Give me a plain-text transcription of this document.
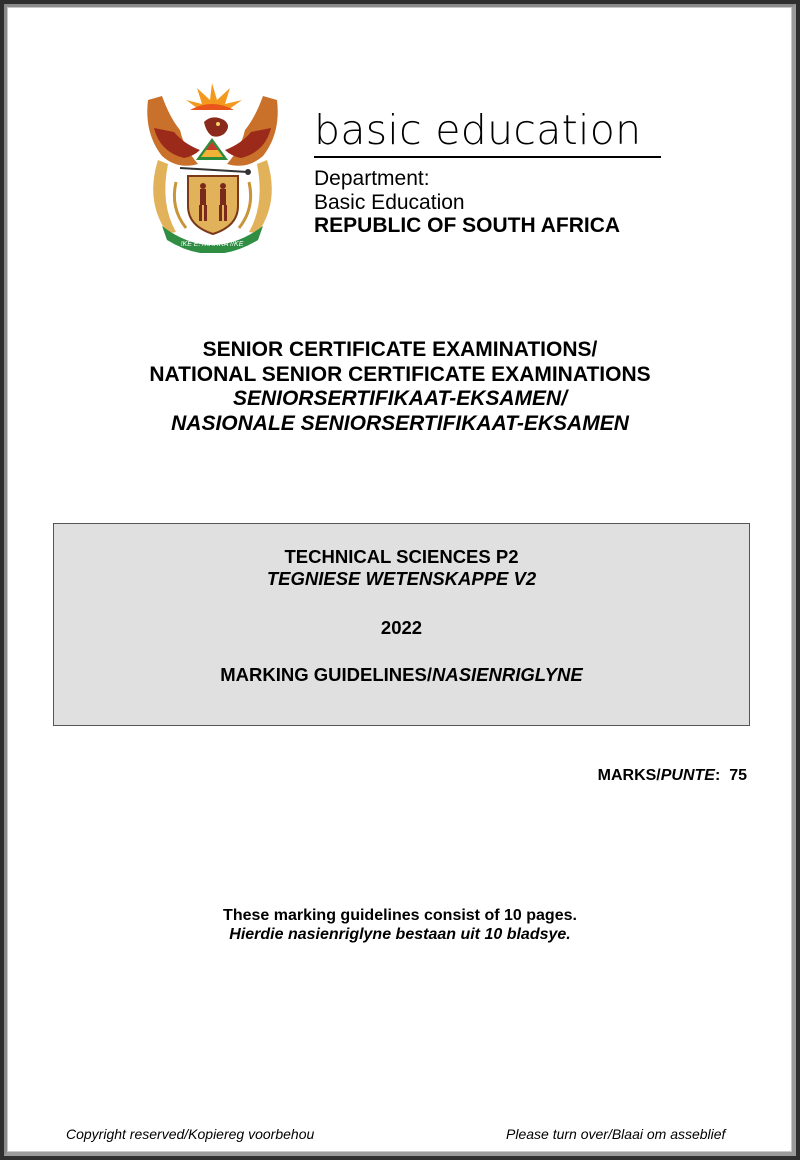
!KE E: /XARRA //KE
basic education
Department:
Basic Education
REPUBLIC OF SOUTH AFRICA
SENIOR CERTIFICATE EXAMINATIONS/
NATIONAL SENIOR CERTIFICATE EXAMINATIONS
SENIORSERTIFIKAAT-EKSAMEN/
NASIONALE SENIORSERTIFIKAAT-EKSAMEN
TECHNICAL SCIENCES P2
TEGNIESE WETENSKAPPE V2
2022
MARKING GUIDELINES/NASIENRIGLYNE
MARKS/PUNTE: 75
These marking guidelines consist of 10 pages.
Hierdie nasienriglyne bestaan uit 10 bladsye.
Copyright reserved/Kopiereg voorbehou	Please turn over/Blaai om asseblief
